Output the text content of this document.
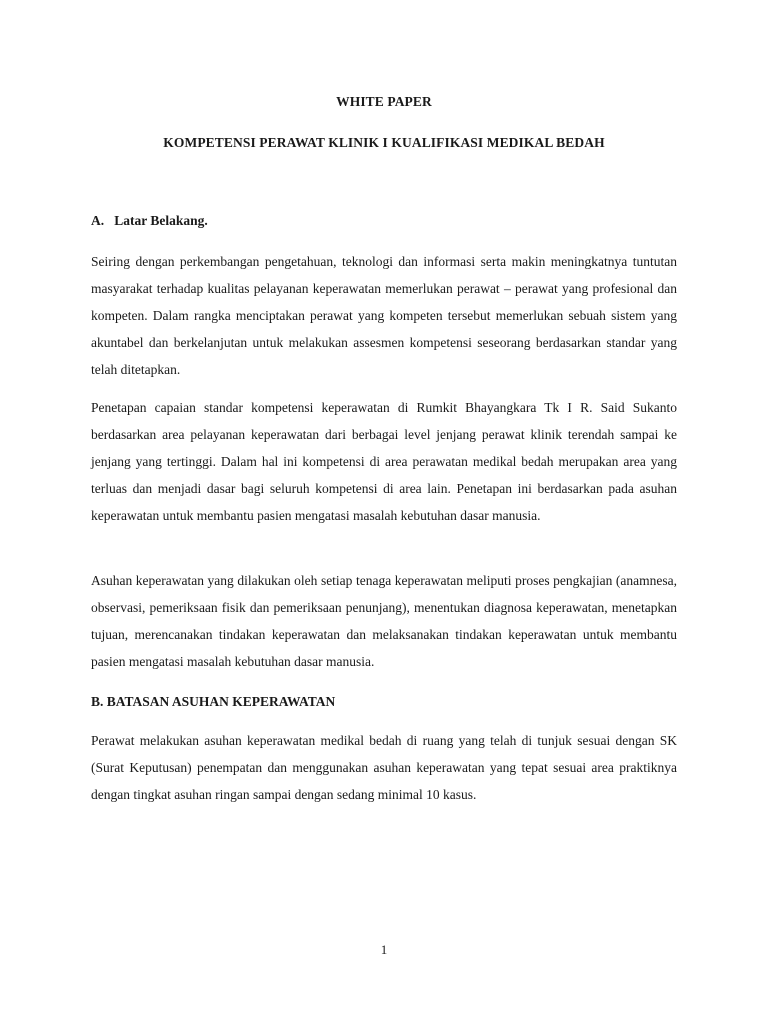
WHITE PAPER
KOMPETENSI PERAWAT KLINIK I KUALIFIKASI MEDIKAL BEDAH
A.   Latar Belakang.

Seiring dengan perkembangan pengetahuan, teknologi dan informasi serta makin meningkatnya tuntutan masyarakat terhadap kualitas pelayanan keperawatan memerlukan perawat – perawat yang profesional dan kompeten. Dalam rangka menciptakan perawat yang kompeten tersebut memerlukan sebuah sistem yang akuntabel dan berkelanjutan untuk melakukan assesmen kompetensi seseorang berdasarkan standar yang telah ditetapkan.

Penetapan capaian standar kompetensi keperawatan di Rumkit Bhayangkara Tk I R. Said Sukanto berdasarkan area pelayanan keperawatan dari berbagai level jenjang perawat klinik terendah sampai ke jenjang yang tertinggi. Dalam hal ini kompetensi di area perawatan medikal bedah merupakan area yang terluas dan menjadi dasar bagi seluruh kompetensi di area lain. Penetapan ini berdasarkan pada asuhan keperawatan untuk membantu pasien mengatasi masalah kebutuhan dasar manusia.

Asuhan keperawatan yang dilakukan oleh setiap tenaga keperawatan meliputi proses pengkajian (anamnesa, observasi, pemeriksaan fisik dan pemeriksaan penunjang), menentukan diagnosa keperawatan, menetapkan tujuan, merencanakan tindakan keperawatan dan melaksanakan tindakan keperawatan untuk membantu pasien mengatasi masalah kebutuhan dasar manusia.

B. BATASAN ASUHAN KEPERAWATAN

Perawat melakukan asuhan keperawatan medikal bedah di ruang yang telah di tunjuk sesuai dengan SK (Surat Keputusan) penempatan dan menggunakan asuhan keperawatan yang tepat sesuai area praktiknya dengan tingkat asuhan ringan sampai dengan sedang minimal 10 kasus.

1
